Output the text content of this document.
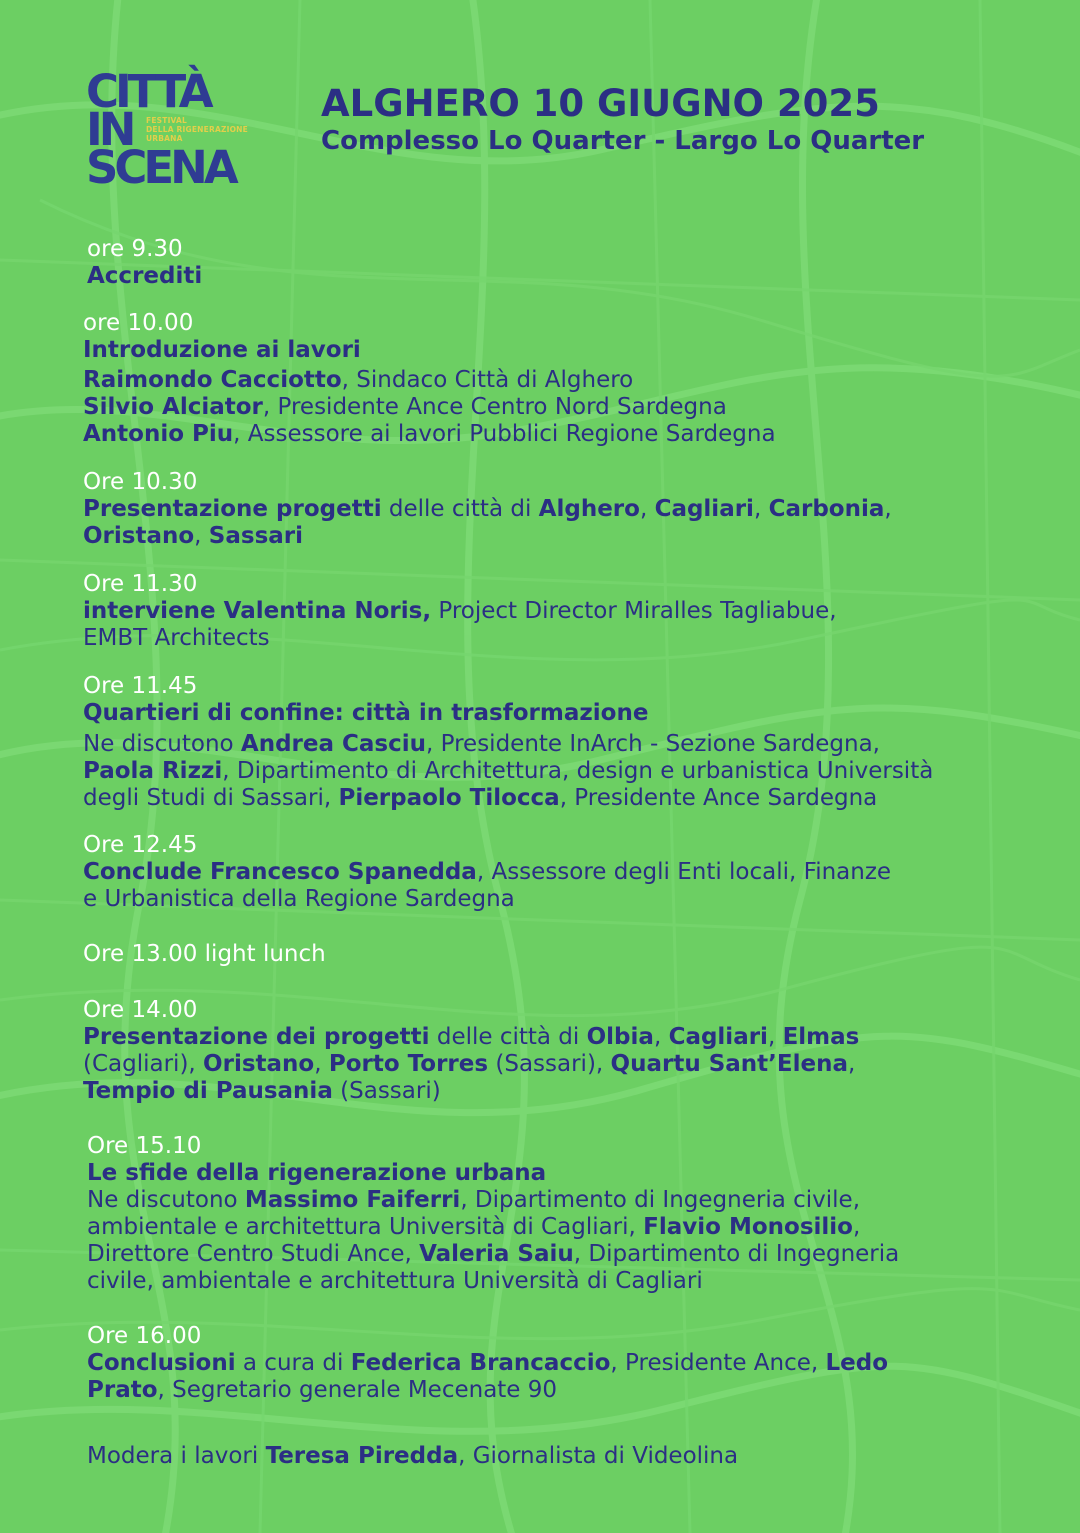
CITTÀ

IN

SCENA

FESTIVAL
DELLA RIGENERAZIONE
URBANA

ALGHERO 10 GIUGNO 2025

Complesso Lo Quarter - Largo Lo Quarter

ore 9.30
Accrediti
ore 10.00
Introduzione ai lavori
Raimondo Cacciotto, Sindaco Città di Alghero
Silvio Alciator, Presidente Ance Centro Nord Sardegna
Antonio Piu, Assessore ai lavori Pubblici Regione Sardegna
Ore 10.30
Presentazione progetti delle città di Alghero, Cagliari, Carbonia,
Oristano, Sassari
Ore 11.30
interviene Valentina Noris, Project Director Miralles Tagliabue,
EMBT Architects
Ore 11.45
Quartieri di confine: città in trasformazione
Ne discutono Andrea Casciu, Presidente InArch - Sezione Sardegna,
Paola Rizzi, Dipartimento di Architettura, design e urbanistica Università
degli Studi di Sassari, Pierpaolo Tilocca, Presidente Ance Sardegna
Ore 12.45
Conclude Francesco Spanedda, Assessore degli Enti locali, Finanze
e Urbanistica della Regione Sardegna
Ore 13.00 light lunch
Ore 14.00
Presentazione dei progetti delle città di Olbia, Cagliari, Elmas
(Cagliari), Oristano, Porto Torres (Sassari), Quartu Sant’Elena,
Tempio di Pausania (Sassari)
Ore 15.10
Le sfide della rigenerazione urbana
Ne discutono Massimo Faiferri, Dipartimento di Ingegneria civile,
ambientale e architettura Università di Cagliari, Flavio Monosilio,
Direttore Centro Studi Ance, Valeria Saiu, Dipartimento di Ingegneria
civile, ambientale e architettura Università di Cagliari
Ore 16.00
Conclusioni a cura di Federica Brancaccio, Presidente Ance, Ledo
Prato, Segretario generale Mecenate 90
Modera i lavori Teresa Piredda, Giornalista di Videolina
